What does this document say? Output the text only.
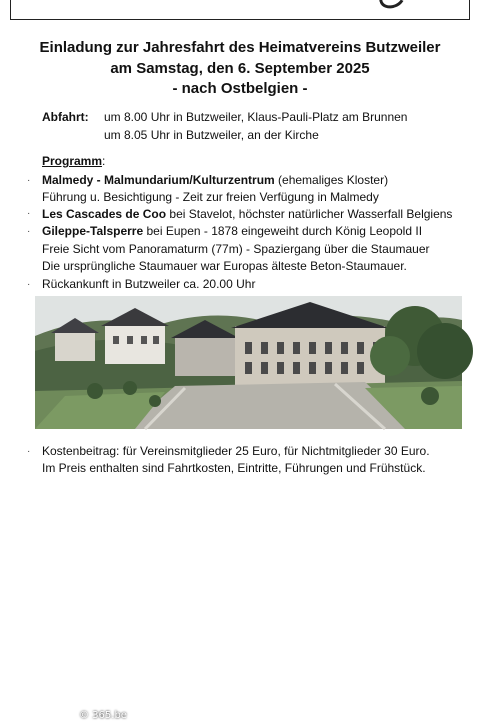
Einladung zur Jahresfahrt des Heimatvereins Butzweiler
am Samstag, den 6. September 2025
- nach Ostbelgien -
Abfahrt: um 8.00 Uhr in Butzweiler, Klaus-Pauli-Platz am Brunnen
um 8.05 Uhr in Butzweiler, an der Kirche
Programm:
· Malmedy - Malmundarium/Kulturzentrum (ehemaliges Kloster)
Führung u. Besichtigung - Zeit zur freien Verfügung in Malmedy
· Les Cascades de Coo bei Stavelot, höchster natürlicher Wasserfall Belgiens
· Gileppe-Talsperre bei Eupen - 1878 eingeweiht durch König Leopold II
Freie Sicht vom Panoramaturm (77m) - Spaziergang über die Staumauer
Die ursprüngliche Staumauer war Europas älteste Beton-Staumauer.
· Rückankunft in Butzweiler ca. 20.00 Uhr
© 365.be
· Kostenbeitrag: für Vereinsmitglieder 25 Euro, für Nichtmitglieder 30 Euro.
Im Preis enthalten sind Fahrtkosten, Eintritte, Führungen und Frühstück.
